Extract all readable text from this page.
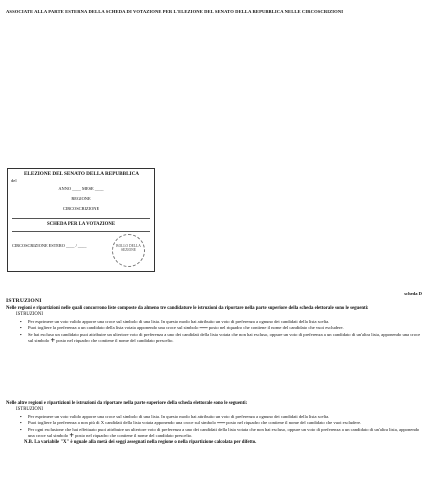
ASSOCIATE ALLA PARTE ESTERNA DELLA SCHEDA DI VOTAZIONE PER L'ELEZIONE DEL SENATO DELLA REPUBBLICA NELLE CIRCOSCRIZIONI
ELEZIONE DEL SENATO DELLA REPUBBLICA
del
ANNO ____ MESE ____
REGIONE
CIRCOSCRIZIONE
SCHEDA PER LA VOTAZIONE
CIRCOSCRIZIONE ESTERO ____ / ____	BOLLO DELLA SEZIONE
scheda D
ISTRUZIONI
Nelle regioni e ripartizioni nelle quali concorrono liste composte da almeno tre candidature le istruzioni da riportare nella parte superiore della scheda elettorale sono le seguenti:
ISTRUZIONI
• Per esprimere un voto valido apporre una croce sul simbolo di una lista. In questo modo hai attribuito un voto di preferenza a ognuno dei candidati della lista scelta.
• Puoi togliere la preferenza a un candidato della lista votata apponendo una croce sul simbolo — posto nel riquadro che contiene il nome del candidato che vuoi escludere.
• Se hai escluso un candidato puoi attribuire un ulteriore voto di preferenza a uno dei candidati della lista votata che non hai escluso, oppure un voto di preferenza a un candidato di un'altra lista, apponendo una croce sul simbolo + posto nel riquadro che contiene il nome del candidato prescelto.
Nelle altre regioni e ripartizioni le istruzioni da riportare nella parte superiore della scheda elettorale sono le seguenti:
ISTRUZIONI
• Per esprimere un voto valido apporre una croce sul simbolo di una lista. In questo modo hai attribuito un voto di preferenza a ognuno dei candidati della lista scelta.
• Puoi togliere la preferenza a non più di X candidati della lista votata apponendo una croce sul simbolo — posto nel riquadro che contiene il nome del candidato che vuoi escludere.
• Per ogni esclusione che hai effettuato puoi attribuire un ulteriore voto di preferenza a uno dei candidati della lista votata che non hai escluso, oppure un voto di preferenza a un candidato di un'altra lista, apponendo una croce sul simbolo + posto nel riquadro che contiene il nome del candidato prescelto.
N.B. La variabile "X" è uguale alla metà dei seggi assegnati nella regione o nella ripartizione calcolata per difetto.
